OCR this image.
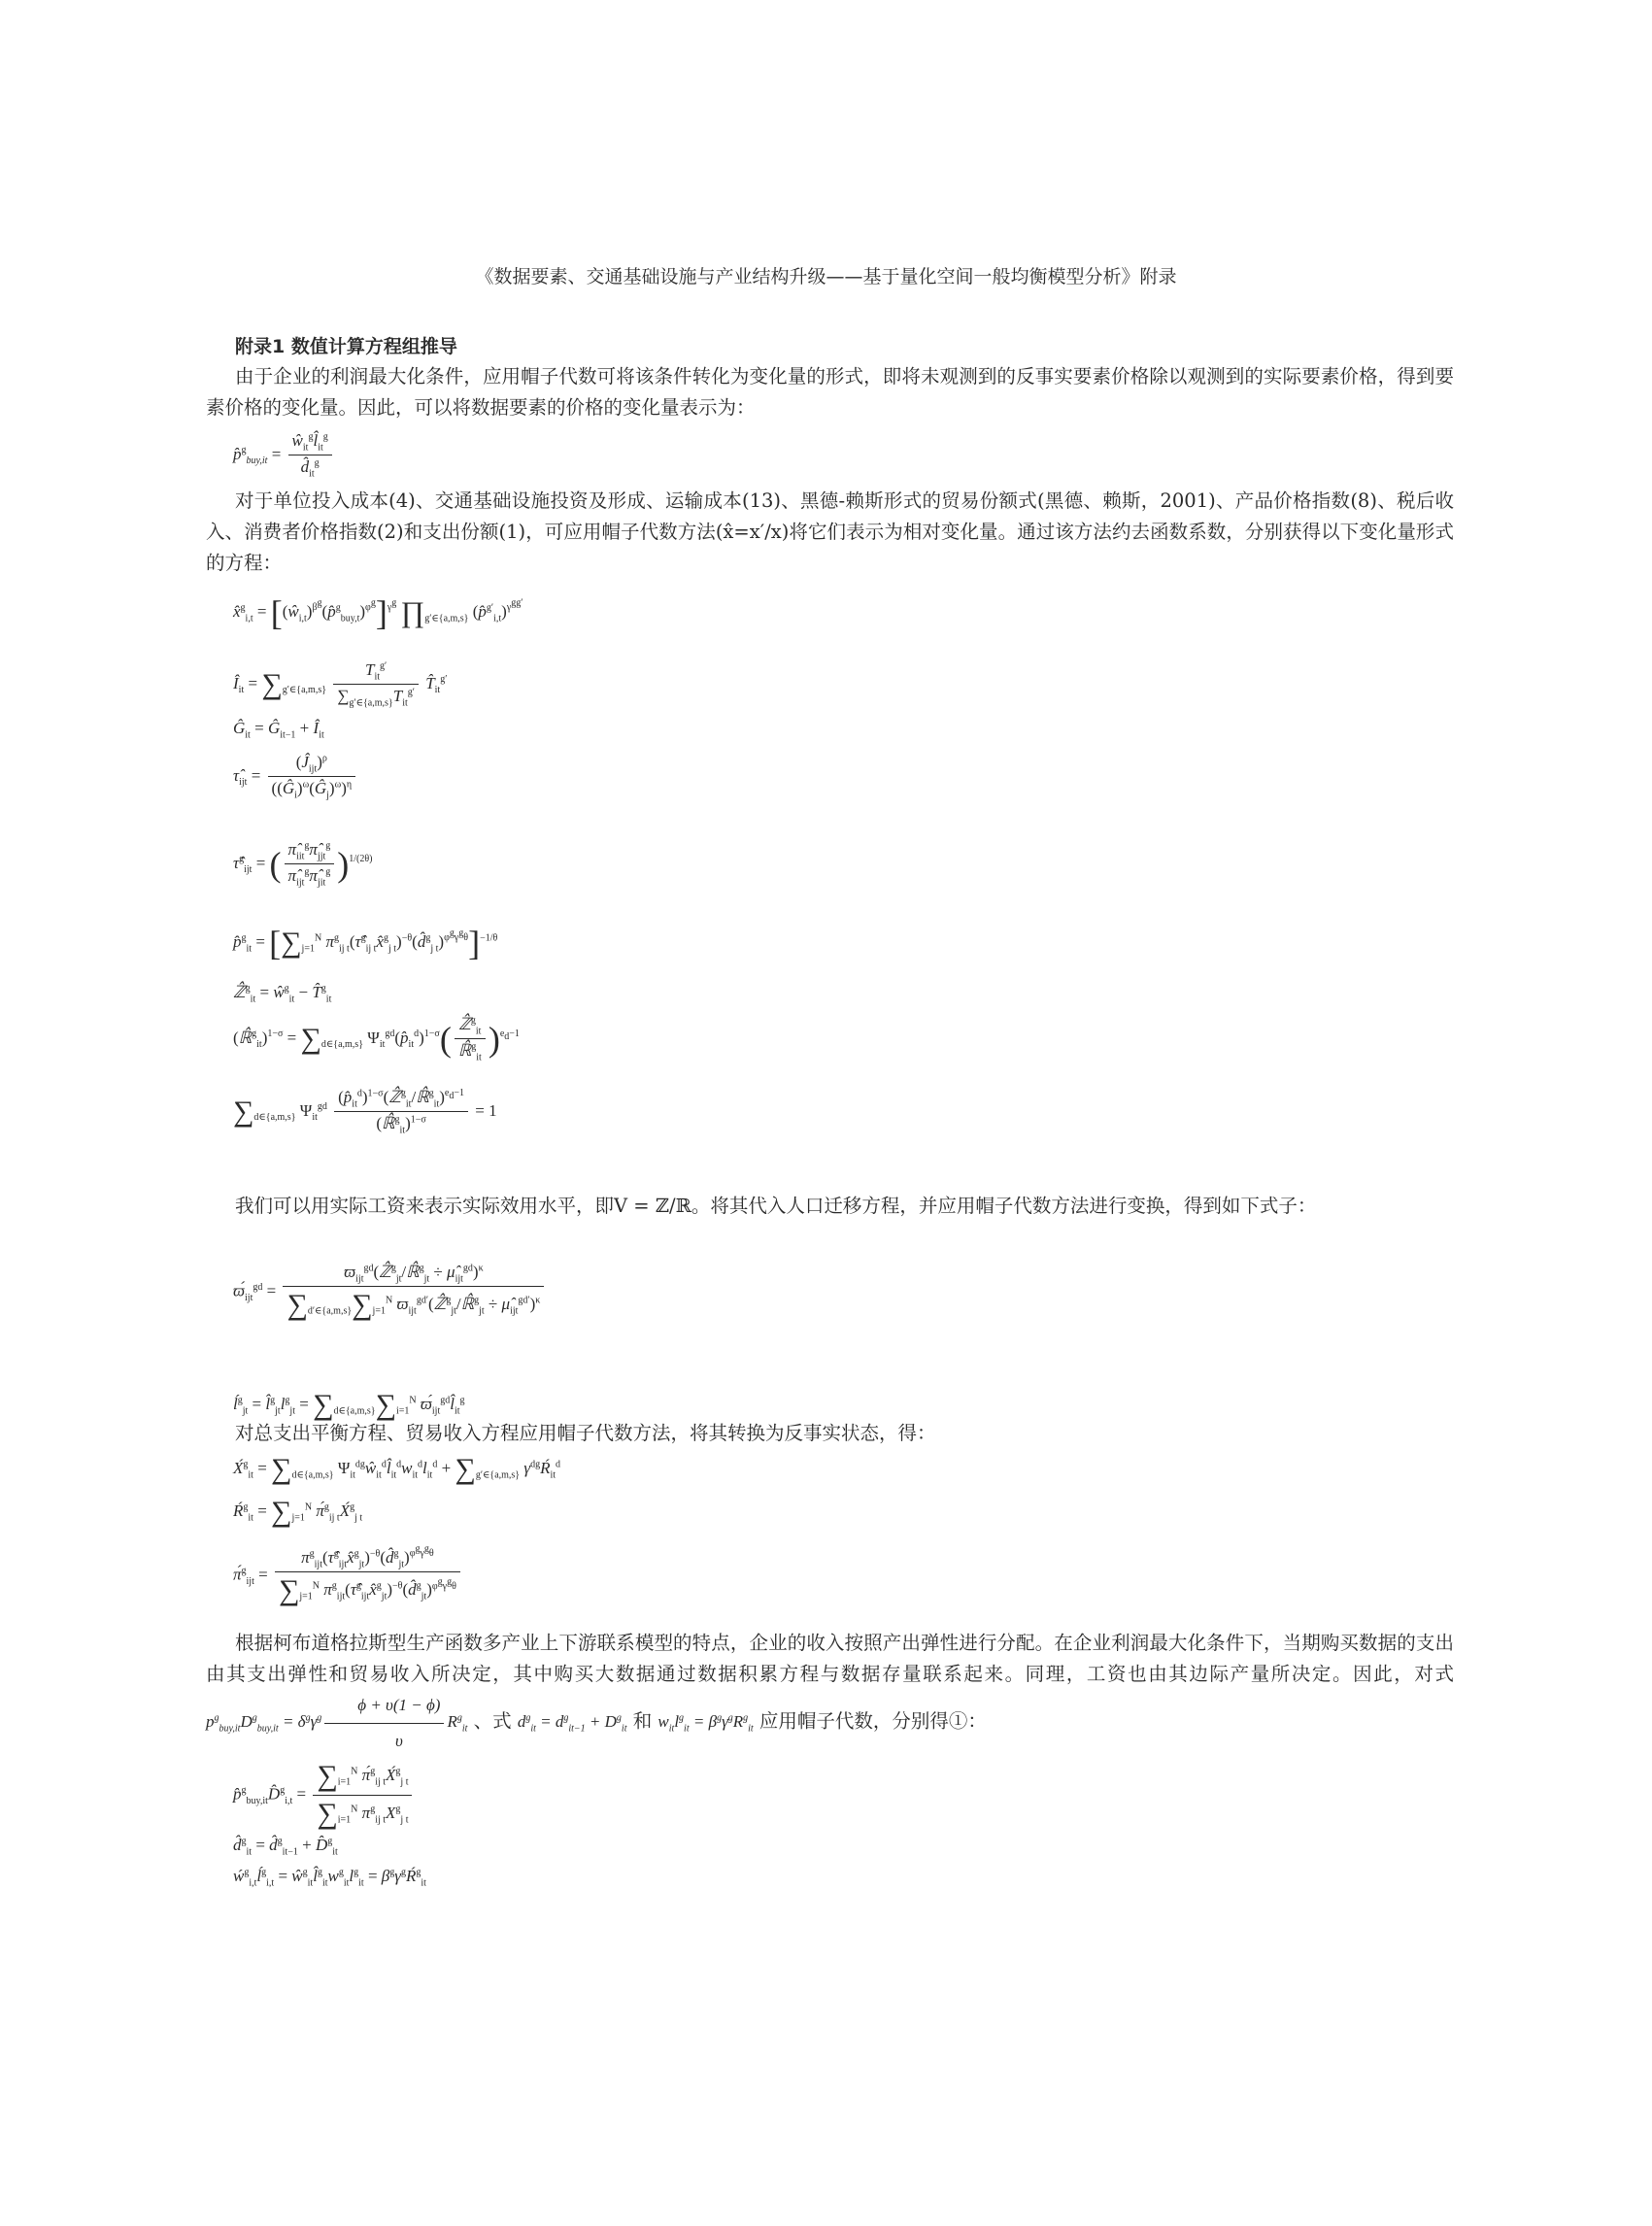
《数据要素、交通基础设施与产业结构升级——基于量化空间一般均衡模型分析》附录
附录1 数值计算方程组推导
由于企业的利润最大化条件，应用帽子代数可将该条件转化为变化量的形式，即将未观测到的反事实要素价格除以观测到的实际要素价格，得到要素价格的变化量。因此，可以将数据要素的价格的变化量表示为：
p̂$^g_{buy,it}$ = $\frac{ŵ_{it}^gl̂_{it}^g}{d̂_{it}^g}$
对于单位投入成本(4)、交通基础设施投资及形成、运输成本(13)、黑德-赖斯形式的贸易份额式(黑德、赖斯，2001)、产品价格指数(8)、税后收入、消费者价格指数(2)和支出份额(1)，可应用帽子代数方法(x̂=x′/x)将它们表示为相对变化量。通过该方法约去函数系数，分别获得以下变化量形式的方程：
x̂$^g_{i,t}$ = $[(ŵ_{i,t})^{\beta^g}(p̂^g_{buy,t})^{\varphi^g}]^{\gamma^g}$ $\prod_{g'\in\{a,m,s\}}$ (p̂$^{g'}_{i,t}$)$^{\gamma^{gg'}}$
$Î_{it} = \sum_{g'\in\{a,m,s\}} \frac{T_{it}^{g'}}{\sum_{g'\in\{a,m,s\}}T_{it}^{g'}}$ $T̂_{it}^{g'}$
$Ĝ_{it}$ = $Ĝ_{it-1}$ + $Î_{it}$
$\taû_{ijt} = \frac{(Ĵ_{ijt})^\rho}{((Ĝ_i)^\omega(Ĝ_j)^\omega)^\eta}$
τ̂$^g_{ijt}$ = ( $\frac{\pî_{iit}^g\pî_{jjt}^g}{\pî_{ijt}^g\pî_{jit}^g} )^{1/(2\theta)}$
p̂$^g_{it}$ = [$\sum_{j=1}^N$ $\pi^g_{ij t}(\taû^g_{ij t}x̂^g_{j t})^{-\theta}(d̂^g_{j t})^{\varphi^g\gamma^g\theta}]^{-1/\theta}$
ℤ̂$^g_{it}$ = $ŵ^g_{it}$ − T̂$^g_{it}$
(ℝ̂$^g_{it}$)$^{1-\sigma}$ = $\sum_{d\in\{a,m,s\}}$ $\Psi_{it}^{gd}(p̂_{it}^d)^{1-\sigma}( \frac{ℤ̂^g_{it}}{ℝ̂^g_{it}} )^{e_d-1}$
$\sum_{d\in\{a,m,s\}}$ $\Psi_{it}^{gd} \frac{(p̂_{it}^d)^{1-\sigma}(ℤ̂^g_{it}/ℝ̂^g_{it})^{e_d-1}}{(ℝ̂^g_{it})^{1-\sigma}} = 1$
我们可以用实际工资来表示实际效用水平，即V = ℤ/ℝ。将其代入人口迁移方程，并应用帽子代数方法进行变换，得到如下式子：
$ϖ́_{ijt}^{gd} = \frac{ϖ_{ijt}^{gd}(ℤ̂^g_{jt}/ℝ̂^g_{jt} \div \mû_{ijt}^{gd})^\kappa}{\sum_{d'\in\{a,m,s\}}\sum_{j=1}^N ϖ_{ijt}^{gd'}(ℤ̂^g_{jt}/ℝ̂^g_{jt} \div \mû_{ijt}^{gd'})^\kappa}$
$ĺ^g_{jt}$ = $l̂^g_{jt}l^g_{jt} = \sum_{d\in\{a,m,s\}}\sum_{i=1}^N$ $ϖ́_{ijt}^{gd}l̂_{it}^g$
对总支出平衡方程、贸易收入方程应用帽子代数方法，将其转换为反事实状态，得：
X́$^g_{it}$ = $\sum_{d\in\{a,m,s\}}$ $\Psi_{it}^{dg}ŵ_{it}^dl̂_{it}^dw_{it}^dl_{it}^d + \sum_{g'\in\{a,m,s\}}$ $\gamma^{dg}Ŕ_{it}^d$
$Ŕ^g_{it} = \sum_{j=1}^N$ π́$^g_{ij t}$X́$^g_{j t}$
π́$^g_{ijt}$ = $\frac{\pi^g_{ijt}(\taû^g_{ijt}x̂^g_{jt})^{-\theta}(d̂^g_{jt})^{\varphi^g\gamma^g\theta}}{\sum_{j=1}^N \pi^g_{ijt}(\taû^g_{ijt}x̂^g_{jt})^{-\theta}(d̂^g_{jt})^{\varphi^g\gamma^g\theta}}$
根据柯布道格拉斯型生产函数多产业上下游联系模型的特点，企业的收入按照产出弹性进行分配。在企业利润最大化条件下，当期购买数据的支出由其支出弹性和贸易收入所决定，其中购买大数据通过数据积累方程与数据存量联系起来。同理，工资也由其边际产量所决定。因此，对式 $p^g_{buy,it}D^g_{buy,it} = \delta^g\gamma^g \frac{\phi + \upsilon(1 - \phi)}{\upsilon} R^g_{it}$ 、式 $d^g_{it} = d^g_{it-1} + D^g_{it}$ 和 $w_{it}l^g_{it} = \beta^g\gamma^gR^g_{it}$ 应用帽子代数，分别得①：
p̂$^g_{buy,it}$D̂$^g_{i,t}$ = $\frac{\sum_{i=1}^N \pí^g_{ij t}X́^g_{j t}}{\sum_{i=1}^N \pi^g_{ij t}X^g_{j t}}$
d̂$^g_{it}$ = d̂$^g_{it-1}$ + D̂$^g_{it}$
$ẃ^g_{i,t}ĺ^g_{i,t}$ = $ŵ^g_{it}l̂^g_{it}w^g_{it}l^g_{it}$ = $\beta^g\gamma^gŔ^g_{it}$
